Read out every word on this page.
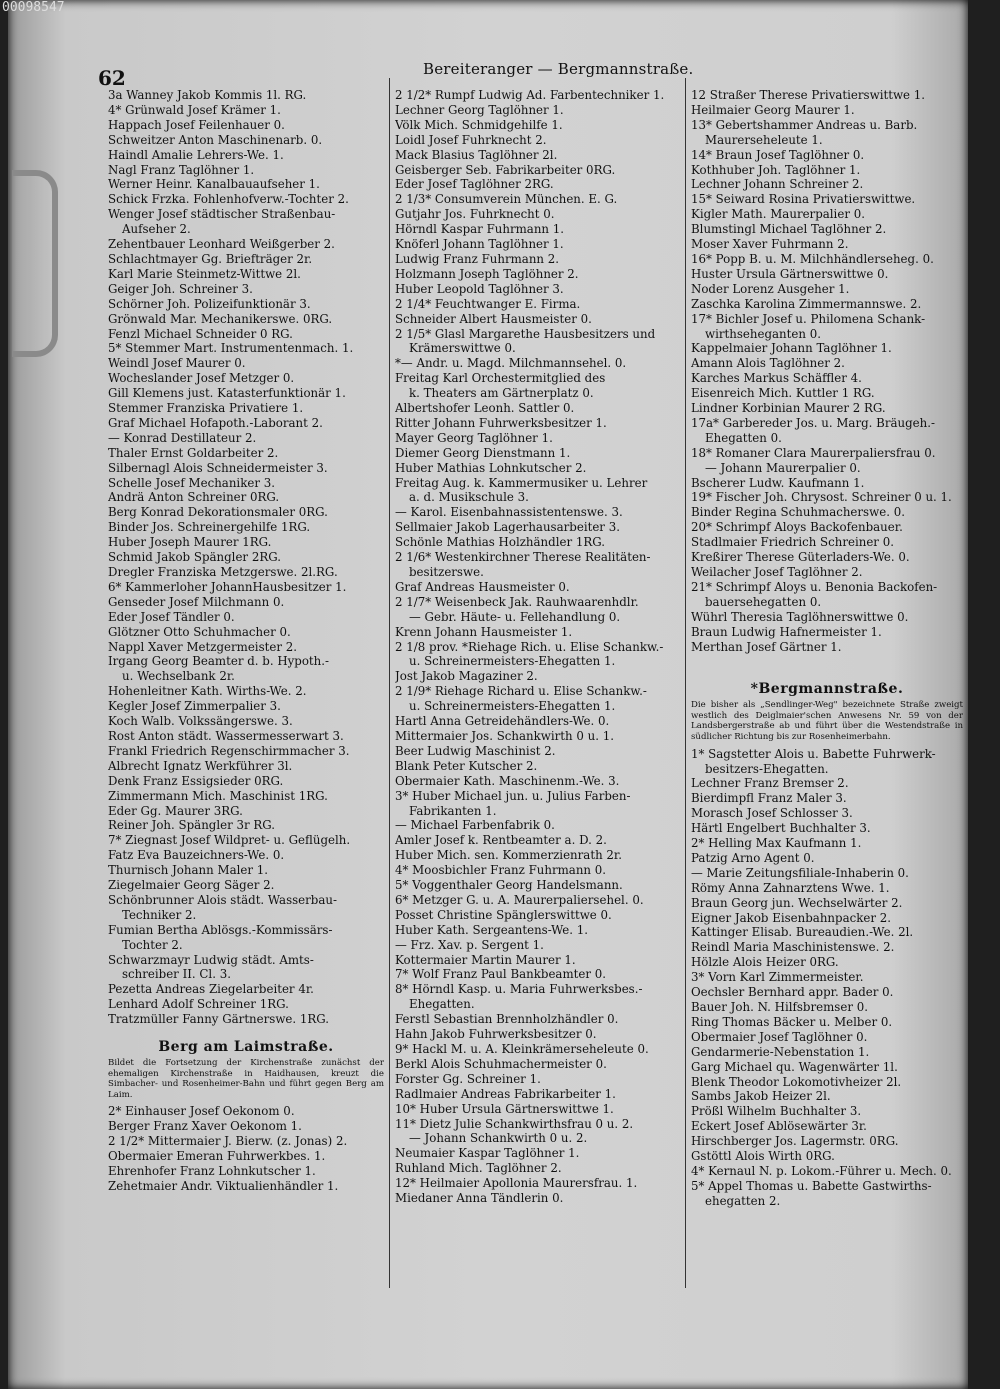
62	Bereiteranger — Bergmannstraße.
3a Wanney Jakob Kommis 1l. RG.
4* Grünwald Josef Krämer 1.
Happach Josef Feilenhauer 0.
Schweitzer Anton Maschinenarb. 0.
Haindl Amalie Lehrers-We. 1.
Nagl Franz Taglöhner 1.
Werner Heinr. Kanalbauaufseher 1.
Schick Frzka. Fohlenhofverw.-Tochter 2.
Wenger Josef städtischer Straßenbau-
Aufseher 2.
Zehentbauer Leonhard Weißgerber 2.
Schlachtmayer Gg. Briefträger 2r.
Karl Marie Steinmetz-Wittwe 2l.
Geiger Joh. Schreiner 3.
Schörner Joh. Polizeifunktionär 3.
Grönwald Mar. Mechanikerswe. 0RG.
Fenzl Michael Schneider 0 RG.
5* Stemmer Mart. Instrumentenmach. 1.
Weindl Josef Maurer 0.
Wocheslander Josef Metzger 0.
Gill Klemens just. Katasterfunktionär 1.
Stemmer Franziska Privatiere 1.
Graf Michael Hofapoth.-Laborant 2.
— Konrad Destillateur 2.
Thaler Ernst Goldarbeiter 2.
Silbernagl Alois Schneidermeister 3.
Schelle Josef Mechaniker 3.
Andrä Anton Schreiner 0RG.
Berg Konrad Dekorationsmaler 0RG.
Binder Jos. Schreinergehilfe 1RG.
Huber Joseph Maurer 1RG.
Schmid Jakob Spängler 2RG.
Dregler Franziska Metzgerswe. 2l.RG.
6* Kammerloher JohannHausbesitzer 1.
Genseder Josef Milchmann 0.
Eder Josef Tändler 0.
Glötzner Otto Schuhmacher 0.
Nappl Xaver Metzgermeister 2.
Irgang Georg Beamter d. b. Hypoth.-
u. Wechselbank 2r.
Hohenleitner Kath. Wirths-We. 2.
Kegler Josef Zimmerpalier 3.
Koch Walb. Volkssängerswe. 3.
Rost Anton städt. Wassermesserwart 3.
Frankl Friedrich Regenschirmmacher 3.
Albrecht Ignatz Werkführer 3l.
Denk Franz Essigsieder 0RG.
Zimmermann Mich. Maschinist 1RG.
Eder Gg. Maurer 3RG.
Reiner Joh. Spängler 3r RG.
7* Ziegnast Josef Wildpret- u. Geflügelh.
Fatz Eva Bauzeichners-We. 0.
Thurnisch Johann Maler 1.
Ziegelmaier Georg Säger 2.
Schönbrunner Alois städt. Wasserbau-
Techniker 2.
Fumian Bertha Ablösgs.-Kommissärs-
Tochter 2.
Schwarzmayr Ludwig städt. Amts-
schreiber II. Cl. 3.
Pezetta Andreas Ziegelarbeiter 4r.
Lenhard Adolf Schreiner 1RG.
Tratzmüller Fanny Gärtnerswe. 1RG.
Berg am Laimstraße.
Bildet die Fortsetzung der Kirchenstraße zunächst der ehemaligen Kirchenstraße in Haidhausen, kreuzt die Simbacher- und Rosenheimer-Bahn und führt gegen Berg am Laim.
2* Einhauser Josef Oekonom 0.
Berger Franz Xaver Oekonom 1.
2 1/2* Mittermaier J. Bierw. (z. Jonas) 2.
Obermaier Emeran Fuhrwerkbes. 1.
Ehrenhofer Franz Lohnkutscher 1.
Zehetmaier Andr. Viktualienhändler 1.
2 1/2* Rumpf Ludwig Ad. Farbentechniker 1.
Lechner Georg Taglöhner 1.
Völk Mich. Schmidgehilfe 1.
Loidl Josef Fuhrknecht 2.
Mack Blasius Taglöhner 2l.
Geisberger Seb. Fabrikarbeiter 0RG.
Eder Josef Taglöhner 2RG.
2 1/3* Consumverein München. E. G.
Gutjahr Jos. Fuhrknecht 0.
Hörndl Kaspar Fuhrmann 1.
Knöferl Johann Taglöhner 1.
Ludwig Franz Fuhrmann 2.
Holzmann Joseph Taglöhner 2.
Huber Leopold Taglöhner 3.
2 1/4* Feuchtwanger E. Firma.
Schneider Albert Hausmeister 0.
2 1/5* Glasl Margarethe Hausbesitzers und
Krämerswittwe 0.
*— Andr. u. Magd. Milchmannsehel. 0.
Freitag Karl Orchestermitglied des
k. Theaters am Gärtnerplatz 0.
Albertshofer Leonh. Sattler 0.
Ritter Johann Fuhrwerksbesitzer 1.
Mayer Georg Taglöhner 1.
Diemer Georg Dienstmann 1.
Huber Mathias Lohnkutscher 2.
Freitag Aug. k. Kammermusiker u. Lehrer
a. d. Musikschule 3.
— Karol. Eisenbahnassistentenswe. 3.
Sellmaier Jakob Lagerhausarbeiter 3.
Schönle Mathias Holzhändler 1RG.
2 1/6* Westenkirchner Therese Realitäten-
besitzerswe.
Graf Andreas Hausmeister 0.
2 1/7* Weisenbeck Jak. Rauhwaarenhdlr.
— Gebr. Häute- u. Fellehandlung 0.
Krenn Johann Hausmeister 1.
2 1/8 prov. *Riehage Rich. u. Elise Schankw.-
u. Schreinermeisters-Ehegatten 1.
Jost Jakob Magaziner 2.
2 1/9* Riehage Richard u. Elise Schankw.-
u. Schreinermeisters-Ehegatten 1.
Hartl Anna Getreidehändlers-We. 0.
Mittermaier Jos. Schankwirth 0 u. 1.
Beer Ludwig Maschinist 2.
Blank Peter Kutscher 2.
Obermaier Kath. Maschinenm.-We. 3.
3* Huber Michael jun. u. Julius Farben-
Fabrikanten 1.
— Michael Farbenfabrik 0.
Amler Josef k. Rentbeamter a. D. 2.
Huber Mich. sen. Kommerzienrath 2r.
4* Moosbichler Franz Fuhrmann 0.
5* Voggenthaler Georg Handelsmann.
6* Metzger G. u. A. Maurerpaliersehel. 0.
Posset Christine Spänglerswittwe 0.
Huber Kath. Sergeantens-We. 1.
— Frz. Xav. p. Sergent 1.
Kottermaier Martin Maurer 1.
7* Wolf Franz Paul Bankbeamter 0.
8* Hörndl Kasp. u. Maria Fuhrwerksbes.-
Ehegatten.
Ferstl Sebastian Brennholzhändler 0.
Hahn Jakob Fuhrwerksbesitzer 0.
9* Hackl M. u. A. Kleinkrämerseheleute 0.
Berkl Alois Schuhmachermeister 0.
Forster Gg. Schreiner 1.
Radlmaier Andreas Fabrikarbeiter 1.
10* Huber Ursula Gärtnerswittwe 1.
11* Dietz Julie Schankwirthsfrau 0 u. 2.
— Johann Schankwirth 0 u. 2.
Neumaier Kaspar Taglöhner 1.
Ruhland Mich. Taglöhner 2.
12* Heilmaier Apollonia Maurersfrau. 1.
Miedaner Anna Tändlerin 0.
12 Straßer Therese Privatierswittwe 1.
Heilmaier Georg Maurer 1.
13* Gebertshammer Andreas u. Barb.
Maurerseheleute 1.
14* Braun Josef Taglöhner 0.
Kothhuber Joh. Taglöhner 1.
Lechner Johann Schreiner 2.
15* Seiward Rosina Privatierswittwe.
Kigler Math. Maurerpalier 0.
Blumstingl Michael Taglöhner 2.
Moser Xaver Fuhrmann 2.
16* Popp B. u. M. Milchhändlerseheg. 0.
Huster Ursula Gärtnerswittwe 0.
Noder Lorenz Ausgeher 1.
Zaschka Karolina Zimmermannswe. 2.
17* Bichler Josef u. Philomena Schank-
wirthseheganten 0.
Kappelmaier Johann Taglöhner 1.
Amann Alois Taglöhner 2.
Karches Markus Schäffler 4.
Eisenreich Mich. Kuttler 1 RG.
Lindner Korbinian Maurer 2 RG.
17a* Garbereder Jos. u. Marg. Bräugeh.-
Ehegatten 0.
18* Romaner Clara Maurerpaliersfrau 0.
— Johann Maurerpalier 0.
Bscherer Ludw. Kaufmann 1.
19* Fischer Joh. Chrysost. Schreiner 0 u. 1.
Binder Regina Schuhmacherswe. 0.
20* Schrimpf Aloys Backofenbauer.
Stadlmaier Friedrich Schreiner 0.
Kreßirer Therese Güterladers-We. 0.
Weilacher Josef Taglöhner 2.
21* Schrimpf Aloys u. Benonia Backofen-
bauersehegatten 0.
Wührl Theresia Taglöhnerswittwe 0.
Braun Ludwig Hafnermeister 1.
Merthan Josef Gärtner 1.
*Bergmannstraße.
Die bisher als „Sendlinger-Weg" bezeichnete Straße zweigt westlich des Deiglmaier'schen Anwesens Nr. 59 von der Landsbergerstraße ab und führt über die Westendstraße in südlicher Richtung bis zur Rosenheimerbahn.
1* Sagstetter Alois u. Babette Fuhrwerk-
besitzers-Ehegatten.
Lechner Franz Bremser 2.
Bierdimpfl Franz Maler 3.
Morasch Josef Schlosser 3.
Härtl Engelbert Buchhalter 3.
2* Helling Max Kaufmann 1.
Patzig Arno Agent 0.
— Marie Zeitungsfiliale-Inhaberin 0.
Römy Anna Zahnarztens Wwe. 1.
Braun Georg jun. Wechselwärter 2.
Eigner Jakob Eisenbahnpacker 2.
Kattinger Elisab. Bureaudien.-We. 2l.
Reindl Maria Maschinistenswe. 2.
Hölzle Alois Heizer 0RG.
3* Vorn Karl Zimmermeister.
Oechsler Bernhard appr. Bader 0.
Bauer Joh. N. Hilfsbremser 0.
Ring Thomas Bäcker u. Melber 0.
Obermaier Josef Taglöhner 0.
Gendarmerie-Nebenstation 1.
Garg Michael qu. Wagenwärter 1l.
Blenk Theodor Lokomotivheizer 2l.
Sambs Jakob Heizer 2l.
Prößl Wilhelm Buchhalter 3.
Eckert Josef Ablösewärter 3r.
Hirschberger Jos. Lagermstr. 0RG.
Gstöttl Alois Wirth 0RG.
4* Kernaul N. p. Lokom.-Führer u. Mech. 0.
5* Appel Thomas u. Babette Gastwirths-
ehegatten 2.
00098547
